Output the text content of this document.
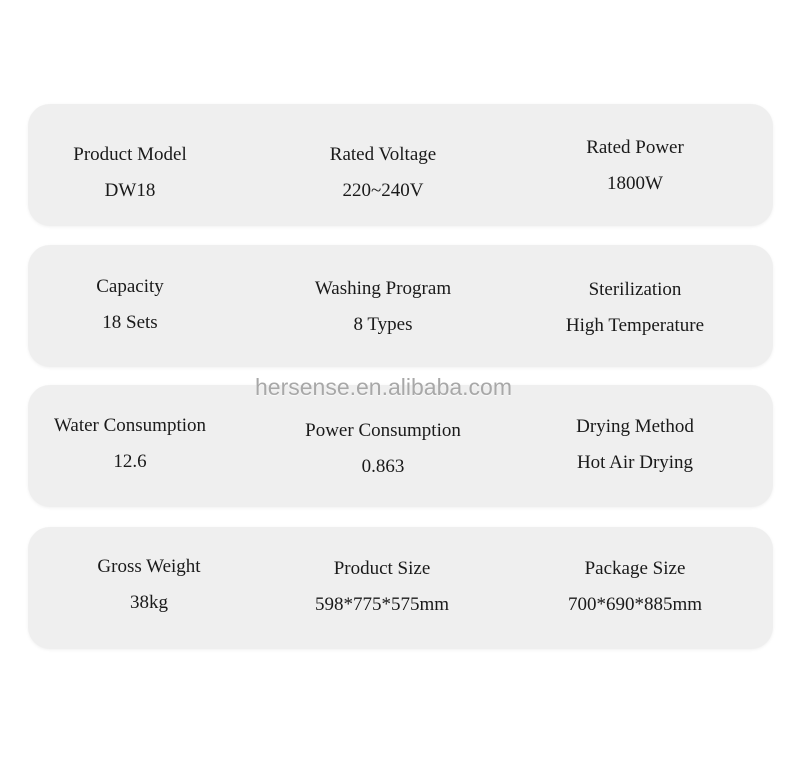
Product Model
DW18
Rated Voltage
220~240V
Rated Power
1800W
Capacity
18 Sets
Washing Program
8 Types
Sterilization
High Temperature
Water Consumption
12.6
Power Consumption
0.863
Drying Method
Hot Air Drying
Gross Weight
38kg
Product Size
598*775*575mm
Package Size
700*690*885mm
hersense.en.alibaba.com
